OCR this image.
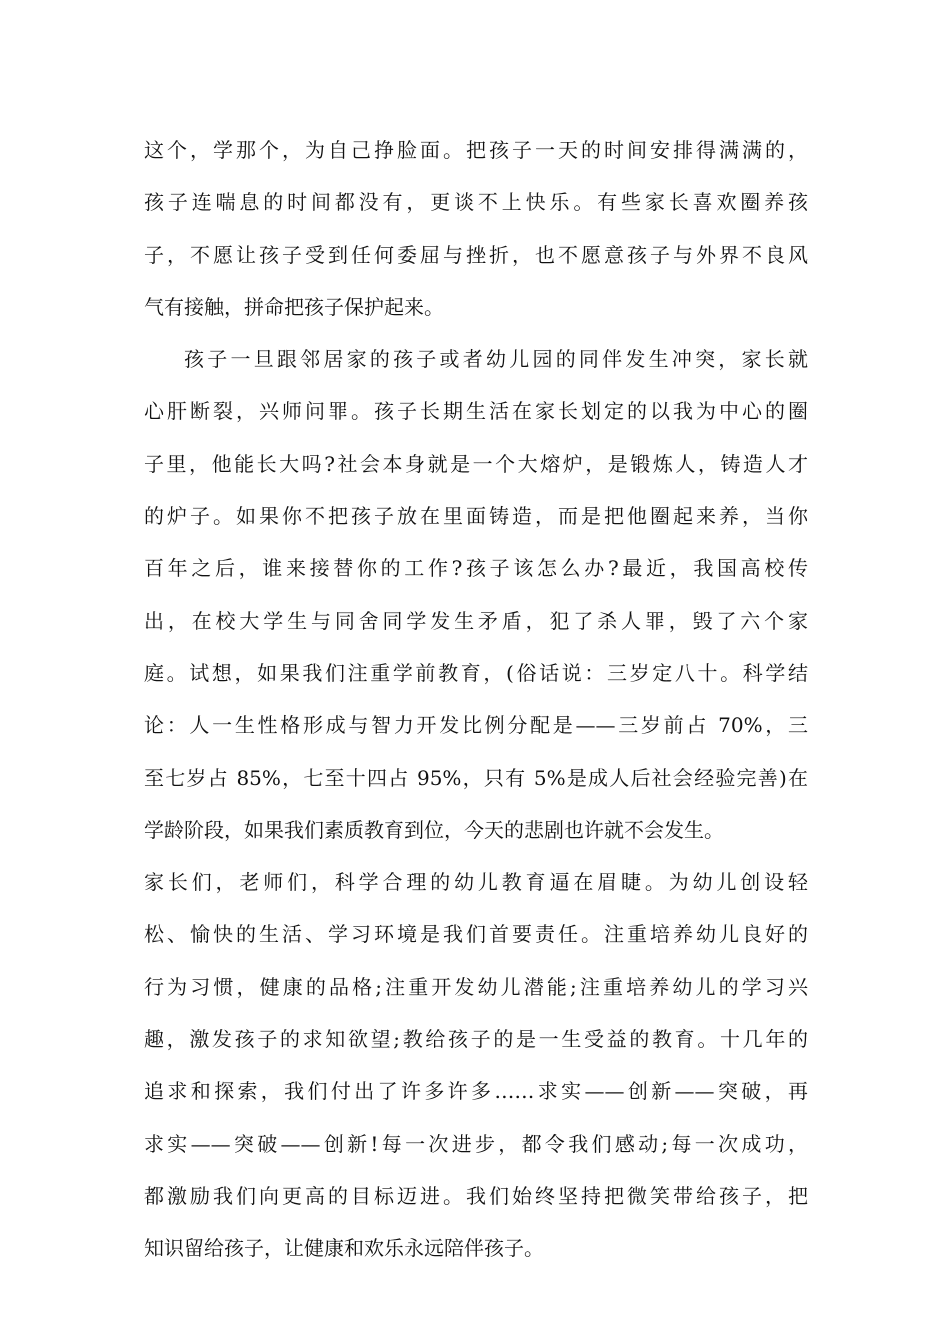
这个，学那个，为自己挣脸面。把孩子一天的时间安排得满满的，
孩子连喘息的时间都没有，更谈不上快乐。有些家长喜欢圈养孩
子，不愿让孩子受到任何委屈与挫折，也不愿意孩子与外界不良风
气有接触，拼命把孩子保护起来。
孩子一旦跟邻居家的孩子或者幼儿园的同伴发生冲突，家长就
心肝断裂，兴师问罪。孩子长期生活在家长划定的以我为中心的圈
子里，他能长大吗?社会本身就是一个大熔炉，是锻炼人，铸造人才
的炉子。如果你不把孩子放在里面铸造，而是把他圈起来养，当你
百年之后，谁来接替你的工作?孩子该怎么办?最近，我国高校传
出，在校大学生与同舍同学发生矛盾，犯了杀人罪，毁了六个家
庭。试想，如果我们注重学前教育，(俗话说：三岁定八十。科学结
论：人一生性格形成与智力开发比例分配是——三岁前占 70%，三
至七岁占 85%，七至十四占 95%，只有 5%是成人后社会经验完善)在
学龄阶段，如果我们素质教育到位，今天的悲剧也许就不会发生。
家长们，老师们，科学合理的幼儿教育逼在眉睫。为幼儿创设轻
松、愉快的生活、学习环境是我们首要责任。注重培养幼儿良好的
行为习惯，健康的品格;注重开发幼儿潜能;注重培养幼儿的学习兴
趣，激发孩子的求知欲望;教给孩子的是一生受益的教育。十几年的
追求和探索，我们付出了许多许多……求实——创新——突破，再
求实——突破——创新!每一次进步，都令我们感动;每一次成功，
都激励我们向更高的目标迈进。我们始终坚持把微笑带给孩子，把
知识留给孩子，让健康和欢乐永远陪伴孩子。
